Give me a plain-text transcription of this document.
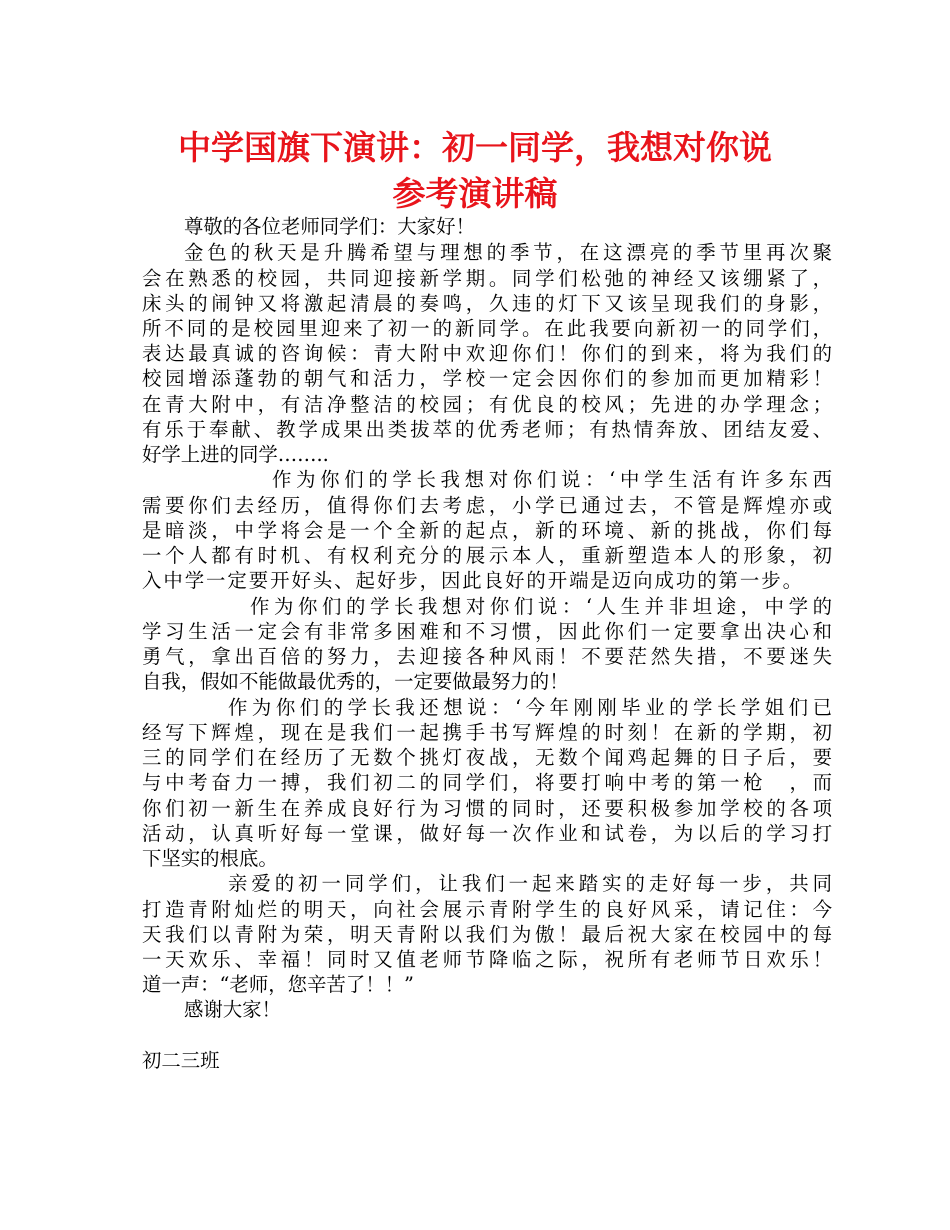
中学国旗下演讲：初一同学，我想对你说
参考演讲稿
尊敬的各位老师同学们：大家好！
金色的秋天是升腾希望与理想的季节，在这漂亮的季节里再次聚
会在熟悉的校园，共同迎接新学期。同学们松弛的神经又该绷紧了，
床头的闹钟又将激起清晨的奏鸣，久违的灯下又该呈现我们的身影，
所不同的是校园里迎来了初一的新同学。在此我要向新初一的同学们，
表达最真诚的咨询候：青大附中欢迎你们！你们的到来，将为我们的
校园增添蓬勃的朝气和活力，学校一定会因你们的参加而更加精彩！
在青大附中，有洁净整洁的校园；有优良的校风；先进的办学理念；
有乐于奉献、教学成果出类拔萃的优秀老师；有热情奔放、团结友爱、
好学上进的同学……..
作为你们的学长我想对你们说：‘中学生活有许多东西
需要你们去经历，值得你们去考虑，小学已通过去，不管是辉煌亦或
是暗淡，中学将会是一个全新的起点，新的环境、新的挑战，你们每
一个人都有时机、有权利充分的展示本人，重新塑造本人的形象，初
入中学一定要开好头、起好步，因此良好的开端是迈向成功的第一步。
作为你们的学长我想对你们说：‘人生并非坦途，中学的
学习生活一定会有非常多困难和不习惯，因此你们一定要拿出决心和
勇气，拿出百倍的努力，去迎接各种风雨！不要茫然失措，不要迷失
自我，假如不能做最优秀的，一定要做最努力的！
作为你们的学长我还想说：‘今年刚刚毕业的学长学姐们已
经写下辉煌，现在是我们一起携手书写辉煌的时刻！在新的学期，初
三的同学们在经历了无数个挑灯夜战，无数个闻鸡起舞的日子后，要
与中考奋力一搏，我们初二的同学们，将要打响中考的第一枪　，而
你们初一新生在养成良好行为习惯的同时，还要积极参加学校的各项
活动，认真听好每一堂课，做好每一次作业和试卷，为以后的学习打
下坚实的根底。
亲爱的初一同学们，让我们一起来踏实的走好每一步，共同
打造青附灿烂的明天，向社会展示青附学生的良好风采，请记住：今
天我们以青附为荣，明天青附以我们为傲！最后祝大家在校园中的每
一天欢乐、幸福！同时又值老师节降临之际，祝所有老师节日欢乐！
道一声：“老师，您辛苦了！！”
感谢大家！
初二三班
